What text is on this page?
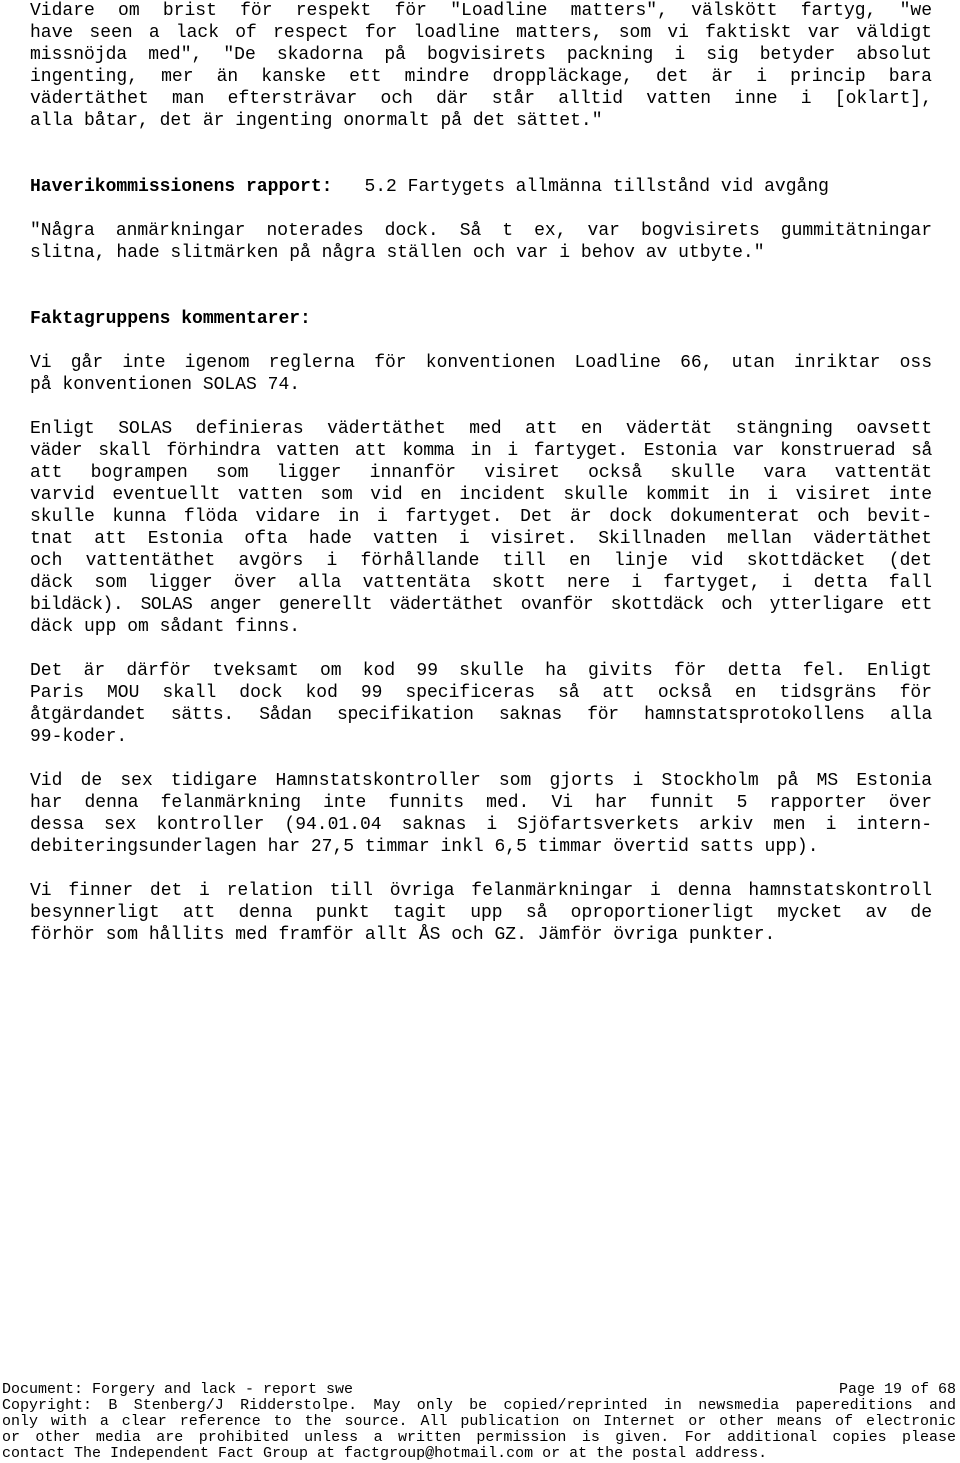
Vidare om brist för respekt för "Loadline matters", välskött fartyg, "we
have seen a lack of respect for loadline matters, som vi faktiskt var väldigt
missnöjda med", "De skadorna på bogvisirets packning i sig betyder absolut
ingenting, mer än kanske ett mindre droppläckage, det är i princip bara
vädertäthet man eftersträvar och där står alltid vatten inne i [oklart],
alla båtar, det är ingenting onormalt på det sättet."
Haverikommissionens rapport: 5.2 Fartygets allmänna tillstånd vid avgång
"Några anmärkningar noterades dock. Så t ex, var bogvisirets gummitätningar
slitna, hade slitmärken på några ställen och var i behov av utbyte."
Faktagruppens kommentarer:
Vi går inte igenom reglerna för konventionen Loadline 66, utan inriktar oss
på konventionen SOLAS 74.
Enligt SOLAS definieras vädertäthet med att en vädertät stängning oavsett
väder skall förhindra vatten att komma in i fartyget. Estonia var konstruerad så
att bogrampen som ligger innanför visiret också skulle vara vattentät
varvid eventuellt vatten som vid en incident skulle kommit in i visiret inte
skulle kunna flöda vidare in i fartyget. Det är dock dokumenterat och bevit-
tnat att Estonia ofta hade vatten i visiret. Skillnaden mellan vädertäthet
och vattentäthet avgörs i förhållande till en linje vid skottdäcket (det
däck som ligger över alla vattentäta skott nere i fartyget, i detta fall
bildäck). SOLAS anger generellt vädertäthet ovanför skottdäck och ytterligare ett
däck upp om sådant finns.
Det är därför tveksamt om kod 99 skulle ha givits för detta fel. Enligt
Paris MOU skall dock kod 99 specificeras så att också en tidsgräns för
åtgärdandet sätts. Sådan specifikation saknas för hamnstatsprotokollens alla
99-koder.
Vid de sex tidigare Hamnstatskontroller som gjorts i Stockholm på MS Estonia
har denna felanmärkning inte funnits med. Vi har funnit 5 rapporter över
dessa sex kontroller (94.01.04 saknas i Sjöfartsverkets arkiv men i intern-
debiteringsunderlagen har 27,5 timmar inkl 6,5 timmar övertid satts upp).
Vi finner det i relation till övriga felanmärkningar i denna hamnstatskontroll
besynnerligt att denna punkt tagit upp så oproportionerligt mycket av de
förhör som hållits med framför allt ÅS och GZ. Jämför övriga punkter.
Document: Forgery and lack - report swe	Page 19 of 68
Copyright: B Stenberg/J Ridderstolpe. May only be copied/reprinted in newsmedia papereditions and
only with a clear reference to the source. All publication on Internet or other means of electronic
or other media are prohibited unless a written permission is given. For additional copies please
contact The Independent Fact Group at factgroup@hotmail.com or at the postal address.
